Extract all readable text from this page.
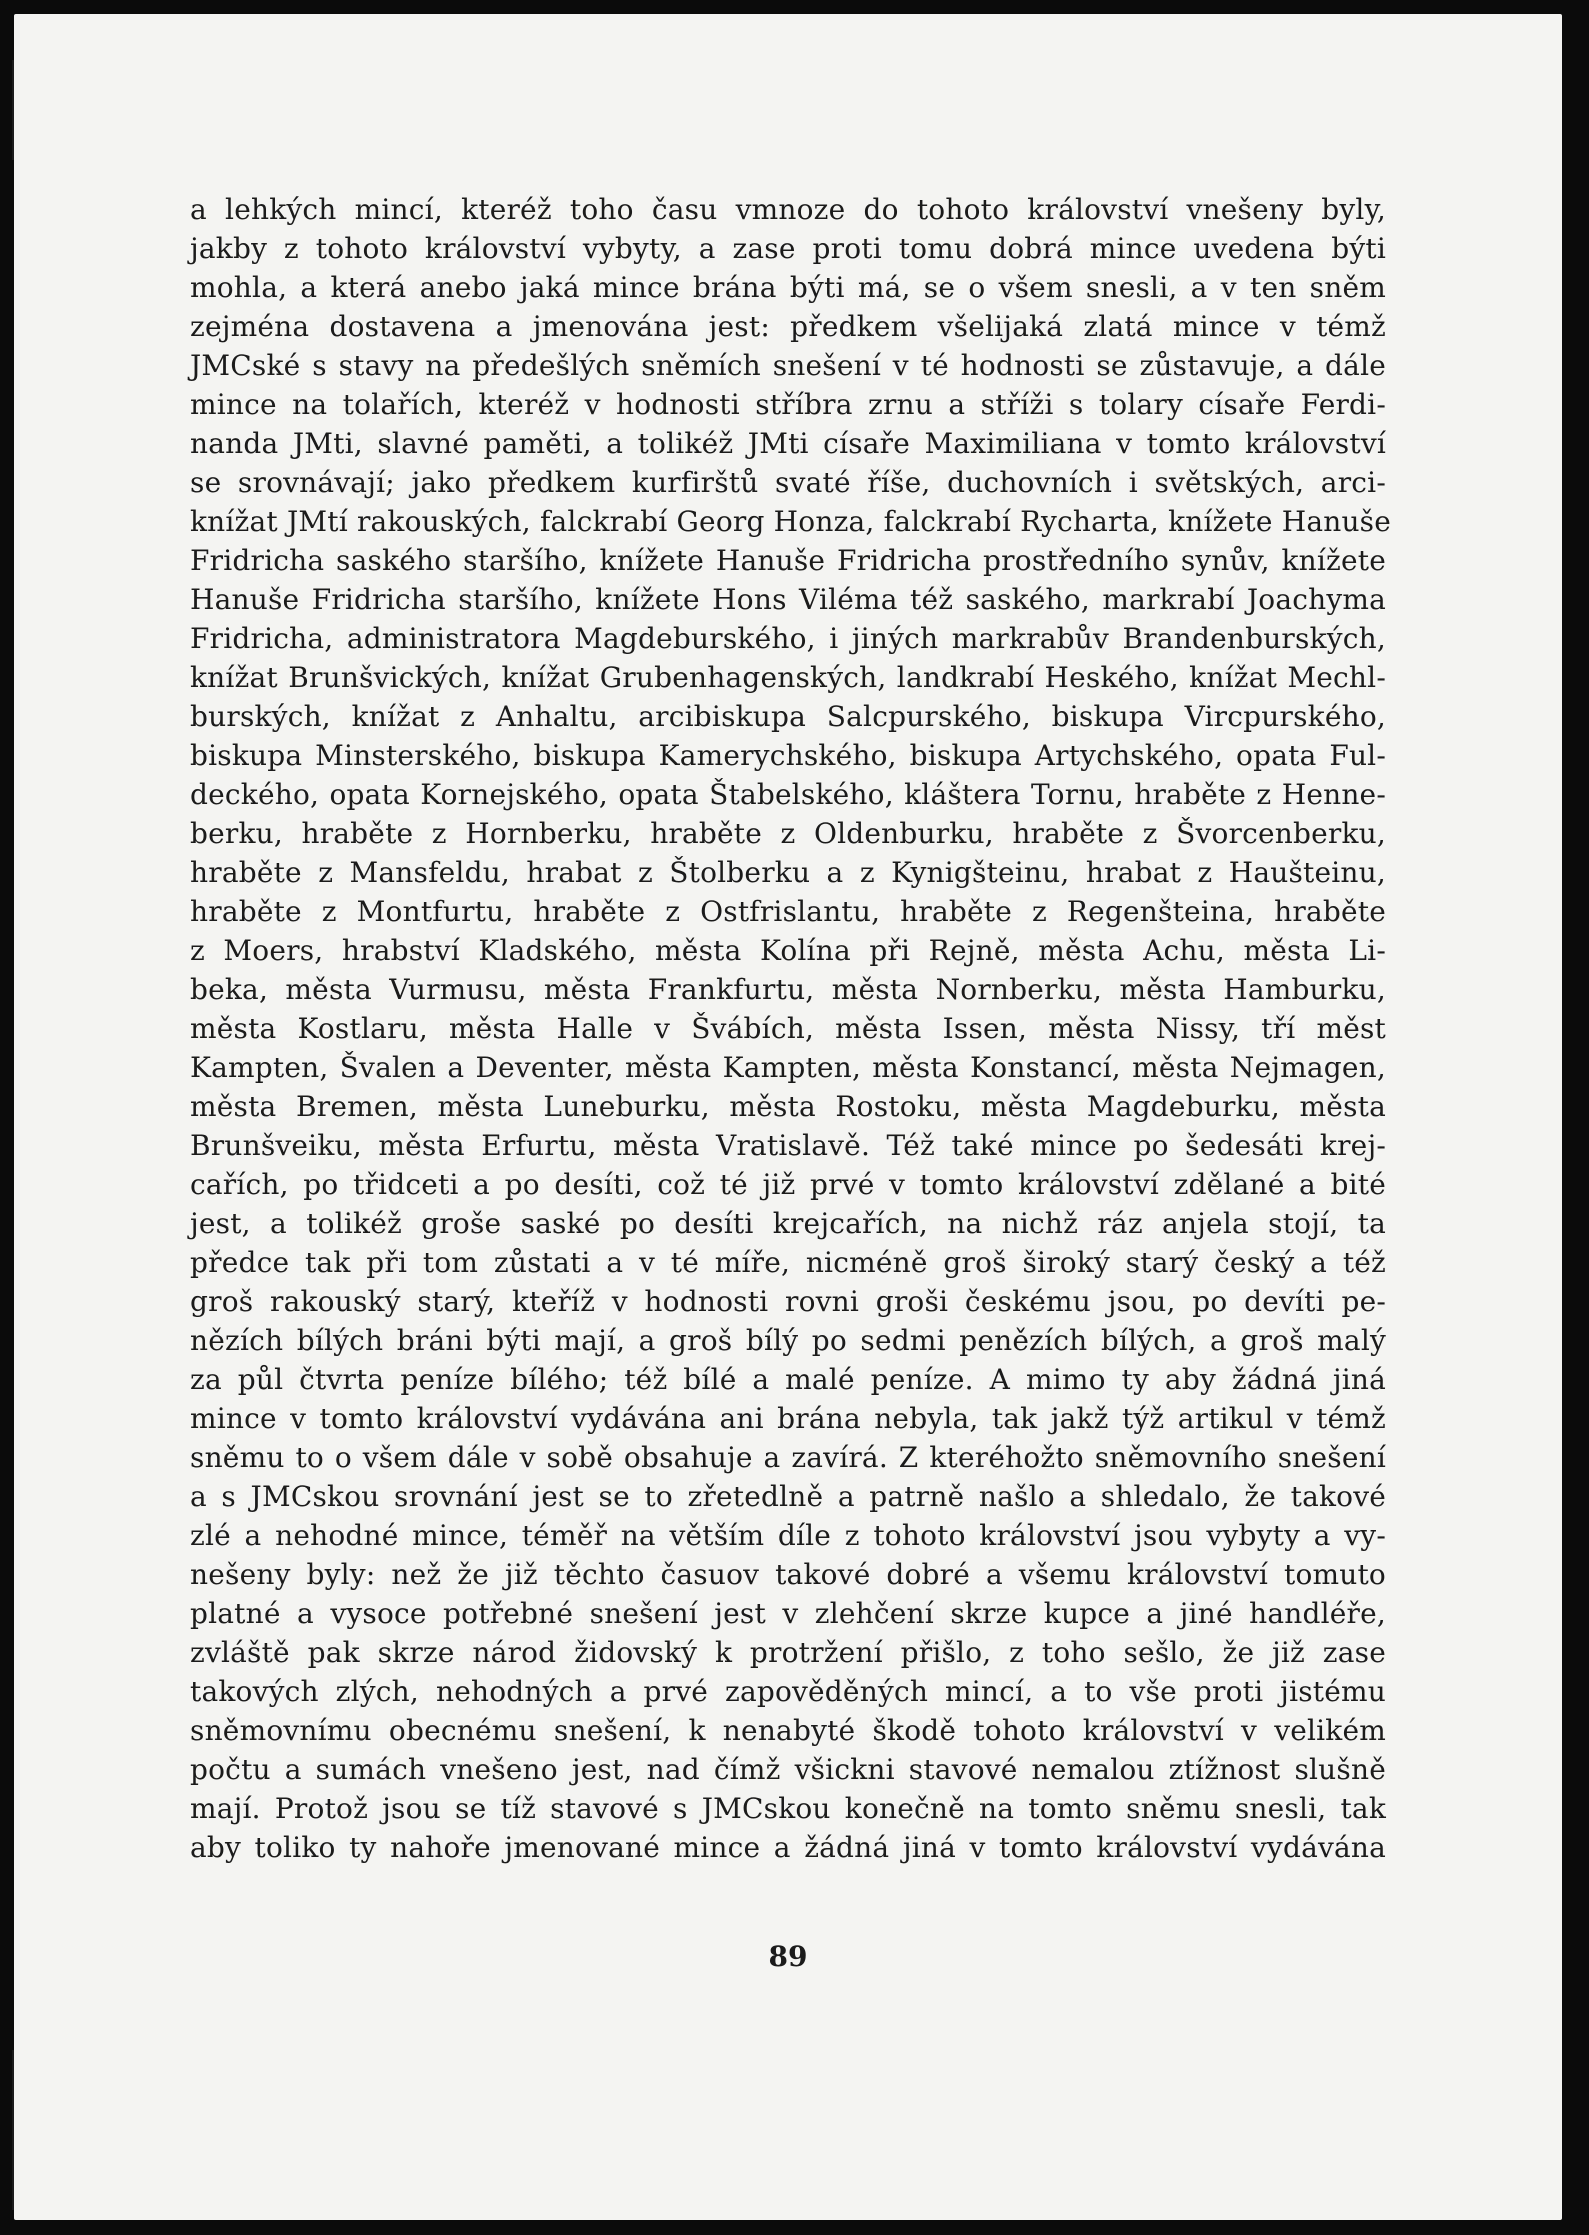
a lehkých mincí, kteréž toho času vmnoze do tohoto království vnešeny byly,
jakby z tohoto království vybyty, a zase proti tomu dobrá mince uvedena býti
mohla, a která anebo jaká mince brána býti má, se o všem snesli, a v ten sněm
zejména dostavena a jmenována jest: předkem všelijaká zlatá mince v témž
JMCské s stavy na předešlých sněmích snešení v té hodnosti se zůstavuje, a dále
mince na tolařích, kteréž v hodnosti stříbra zrnu a stříži s tolary císaře Ferdi-
nanda JMti, slavné paměti, a tolikéž JMti císaře Maximiliana v tomto království
se srovnávají; jako předkem kurfirštů svaté říše, duchovních i světských, arci-
knížat JMtí rakouských, falckrabí Georg Honza, falckrabí Rycharta, knížete Hanuše
Fridricha saského staršího, knížete Hanuše Fridricha prostředního synův, knížete
Hanuše Fridricha staršího, knížete Hons Viléma též saského, markrabí Joachyma
Fridricha, administratora Magdeburského, i jiných markrabův Brandenburských,
knížat Brunšvických, knížat Grubenhagenských, landkrabí Heského, knížat Mechl-
burských, knížat z Anhaltu, arcibiskupa Salcpurského, biskupa Vircpurského,
biskupa Minsterského, biskupa Kamerychského, biskupa Artychského, opata Ful-
deckého, opata Kornejského, opata Štabelského, kláštera Tornu, hraběte z Henne-
berku, hraběte z Hornberku, hraběte z Oldenburku, hraběte z Švorcenberku,
hraběte z Mansfeldu, hrabat z Štolberku a z Kynigšteinu, hrabat z Haušteinu,
hraběte z Montfurtu, hraběte z Ostfrislantu, hraběte z Regenšteina, hraběte
z Moers, hrabství Kladského, města Kolína při Rejně, města Achu, města Li-
beka, města Vurmusu, města Frankfurtu, města Nornberku, města Hamburku,
města Kostlaru, města Halle v Švábích, města Issen, města Nissy, tří měst
Kampten, Švalen a Deventer, města Kampten, města Konstancí, města Nejmagen,
města Bremen, města Luneburku, města Rostoku, města Magdeburku, města
Brunšveiku, města Erfurtu, města Vratislavě. Též také mince po šedesáti krej-
cařích, po třidceti a po desíti, což té již prvé v tomto království zdělané a bité
jest, a tolikéž groše saské po desíti krejcařích, na nichž ráz anjela stojí, ta
předce tak při tom zůstati a v té míře, nicméně groš široký starý český a též
groš rakouský starý, kteříž v hodnosti rovni groši českému jsou, po devíti pe-
nězích bílých bráni býti mají, a groš bílý po sedmi penězích bílých, a groš malý
za půl čtvrta peníze bílého; též bílé a malé peníze. A mimo ty aby žádná jiná
mince v tomto království vydávána ani brána nebyla, tak jakž týž artikul v témž
sněmu to o všem dále v sobě obsahuje a zavírá. Z kteréhožto sněmovního snešení
a s JMCskou srovnání jest se to zřetedlně a patrně našlo a shledalo, že takové
zlé a nehodné mince, téměř na větším díle z tohoto království jsou vybyty a vy-
nešeny byly: než že již těchto časuov takové dobré a všemu království tomuto
platné a vysoce potřebné snešení jest v zlehčení skrze kupce a jiné handléře,
zvláště pak skrze národ židovský k protržení přišlo, z toho sešlo, že již zase
takových zlých, nehodných a prvé zapověděných mincí, a to vše proti jistému
sněmovnímu obecnému snešení, k nenabyté škodě tohoto království v velikém
počtu a sumách vnešeno jest, nad čímž všickni stavové nemalou ztížnost slušně
mají. Protož jsou se tíž stavové s JMCskou konečně na tomto sněmu snesli, tak
aby toliko ty nahoře jmenované mince a žádná jiná v tomto království vydávána
89
